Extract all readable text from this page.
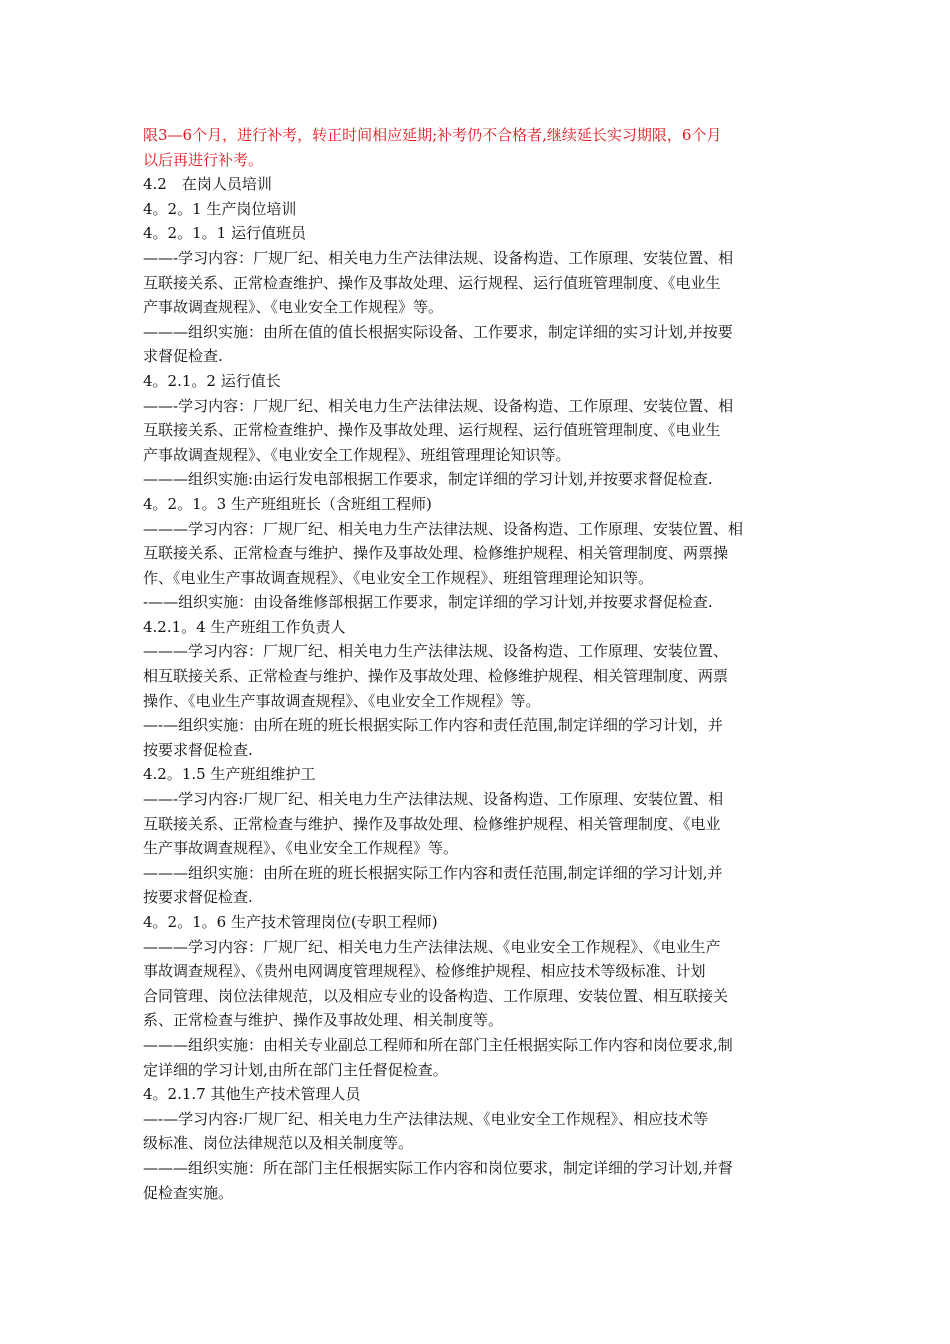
限3—6个月，进行补考，转正时间相应延期;补考仍不合格者,继续延长实习期限，6个月
以后再进行补考。
4.2　在岗人员培训
4。2。1 生产岗位培训
4。2。1。1 运行值班员
——-学习内容：厂规厂纪、相关电力生产法律法规、设备构造、工作原理、安装位置、相
互联接关系、正常检查维护、操作及事故处理、运行规程、运行值班管理制度、《电业生
产事故调查规程》、《电业安全工作规程》等。
———组织实施：由所在值的值长根据实际设备、工作要求，制定详细的实习计划,并按要
求督促检查.
4。2.1。2 运行值长
——-学习内容：厂规厂纪、相关电力生产法律法规、设备构造、工作原理、安装位置、相
互联接关系、正常检查维护、操作及事故处理、运行规程、运行值班管理制度、《电业生
产事故调查规程》、《电业安全工作规程》、班组管理理论知识等。
———组织实施:由运行发电部根据工作要求，制定详细的学习计划,并按要求督促检查.
4。2。1。3 生产班组班长（含班组工程师)
———学习内容：厂规厂纪、相关电力生产法律法规、设备构造、工作原理、安装位置、相
互联接关系、正常检查与维护、操作及事故处理、检修维护规程、相关管理制度、两票操
作、《电业生产事故调查规程》、《电业安全工作规程》、班组管理理论知识等。
-——组织实施：由设备维修部根据工作要求，制定详细的学习计划,并按要求督促检查.
4.2.1。4 生产班组工作负责人
———学习内容：厂规厂纪、相关电力生产法律法规、设备构造、工作原理、安装位置、
相互联接关系、正常检查与维护、操作及事故处理、检修维护规程、相关管理制度、两票
操作、《电业生产事故调查规程》、《电业安全工作规程》等。
—-—组织实施：由所在班的班长根据实际工作内容和责任范围,制定详细的学习计划，并
按要求督促检查.
4.2。1.5 生产班组维护工
——-学习内容:厂规厂纪、相关电力生产法律法规、设备构造、工作原理、安装位置、相
互联接关系、正常检查与维护、操作及事故处理、检修维护规程、相关管理制度、《电业
生产事故调查规程》、《电业安全工作规程》等。
———组织实施：由所在班的班长根据实际工作内容和责任范围,制定详细的学习计划,并
按要求督促检查.
4。2。1。6 生产技术管理岗位(专职工程师)
———学习内容：厂规厂纪、相关电力生产法律法规、《电业安全工作规程》、《电业生产
事故调查规程》、《贵州电网调度管理规程》、检修维护规程、相应技术等级标准、计划
合同管理、岗位法律规范，以及相应专业的设备构造、工作原理、安装位置、相互联接关
系、正常检查与维护、操作及事故处理、相关制度等。
———组织实施：由相关专业副总工程师和所在部门主任根据实际工作内容和岗位要求,制
定详细的学习计划,由所在部门主任督促检查。
4。2.1.7 其他生产技术管理人员
—-—学习内容:厂规厂纪、相关电力生产法律法规、《电业安全工作规程》、相应技术等
级标准、岗位法律规范以及相关制度等。
———组织实施：所在部门主任根据实际工作内容和岗位要求，制定详细的学习计划,并督
促检查实施。
